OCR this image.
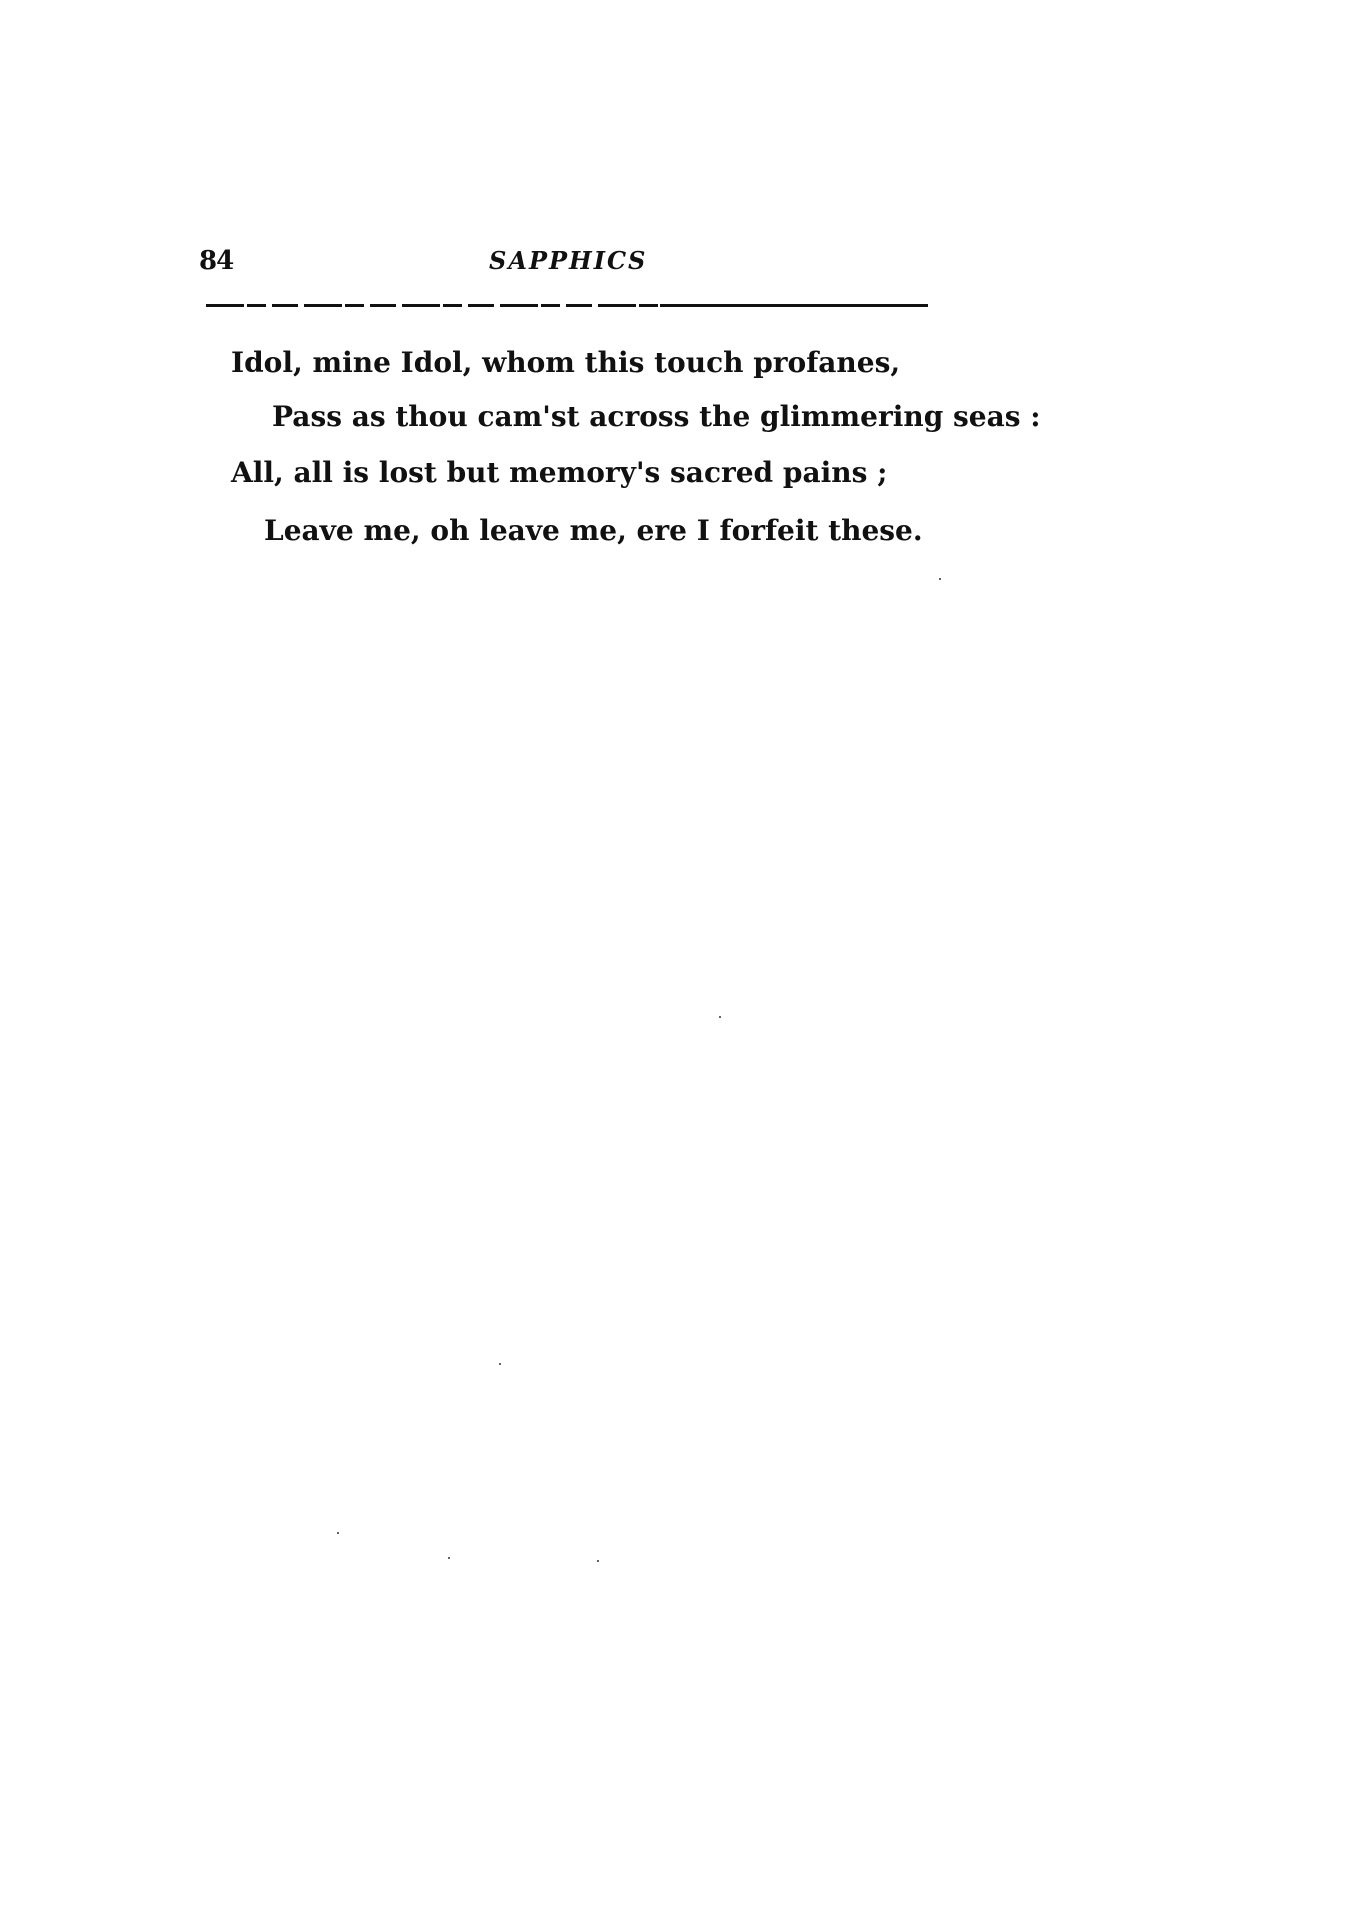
84	SAPPHICS
Idol, mine Idol, whom this touch profanes,
Pass as thou cam'st across the glimmering seas :
All, all is lost but memory's sacred pains ;
Leave me, oh leave me, ere I forfeit these.
